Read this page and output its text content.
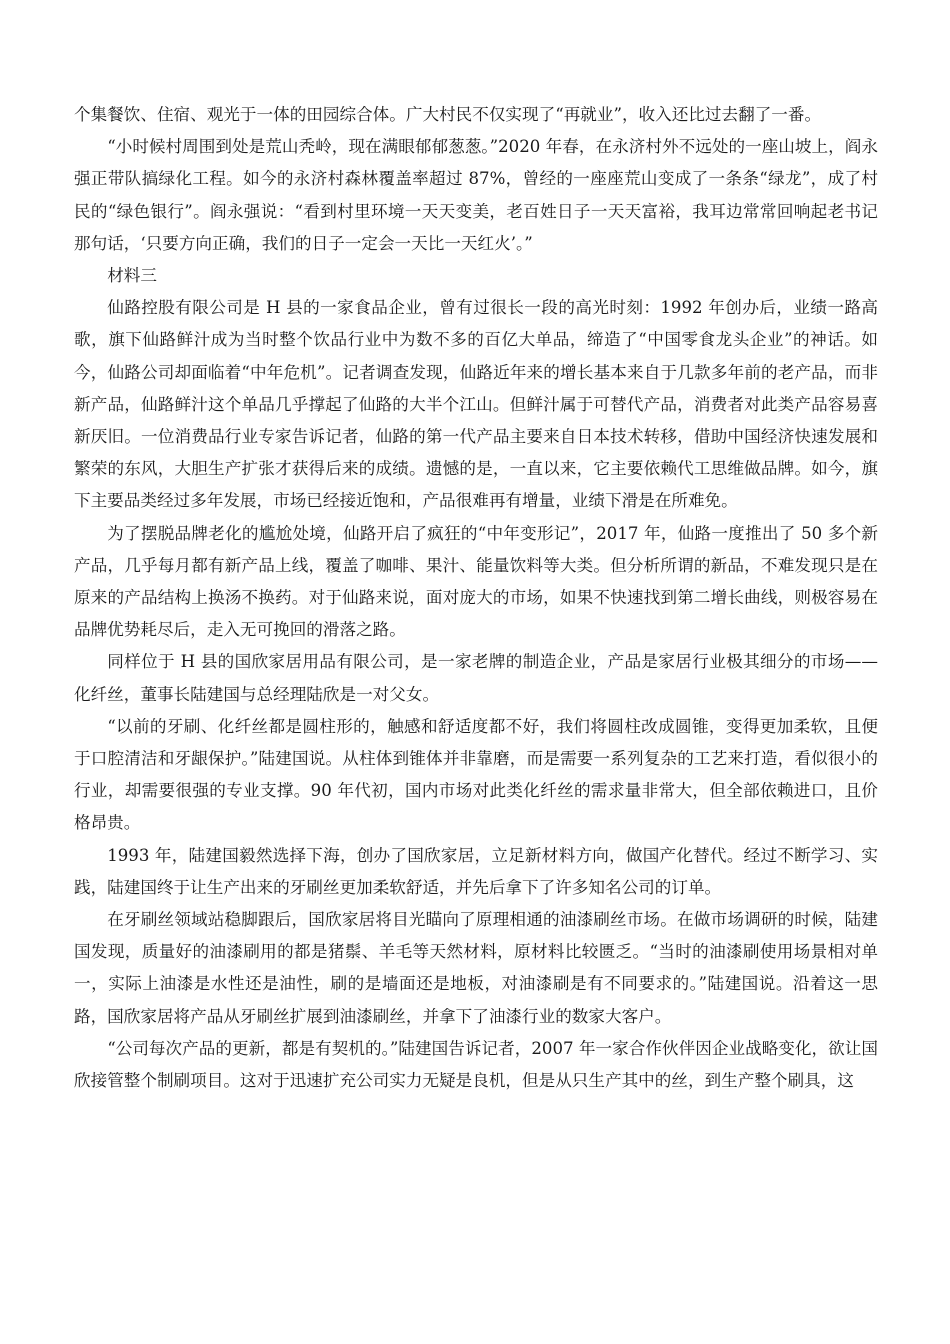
个集餐饮、住宿、观光于一体的田园综合体。广大村民不仅实现了“再就业”，收入还比过去翻了一番。

“小时候村周围到处是荒山秃岭，现在满眼郁郁葱葱。”2020 年春，在永济村外不远处的一座山坡上，阎永强正带队搞绿化工程。如今的永济村森林覆盖率超过 87%，曾经的一座座荒山变成了一条条“绿龙”，成了村民的“绿色银行”。阎永强说：“看到村里环境一天天变美，老百姓日子一天天富裕，我耳边常常回响起老书记那句话，‘只要方向正确，我们的日子一定会一天比一天红火’。”

材料三

仙路控股有限公司是 H 县的一家食品企业，曾有过很长一段的高光时刻：1992 年创办后，业绩一路高歌，旗下仙路鲜汁成为当时整个饮品行业中为数不多的百亿大单品，缔造了“中国零食龙头企业”的神话。如今，仙路公司却面临着“中年危机”。记者调查发现，仙路近年来的增长基本来自于几款多年前的老产品，而非新产品，仙路鲜汁这个单品几乎撑起了仙路的大半个江山。但鲜汁属于可替代产品，消费者对此类产品容易喜新厌旧。一位消费品行业专家告诉记者，仙路的第一代产品主要来自日本技术转移，借助中国经济快速发展和繁荣的东风，大胆生产扩张才获得后来的成绩。遗憾的是，一直以来，它主要依赖代工思维做品牌。如今，旗下主要品类经过多年发展，市场已经接近饱和，产品很难再有增量，业绩下滑是在所难免。

为了摆脱品牌老化的尴尬处境，仙路开启了疯狂的“中年变形记”，2017 年，仙路一度推出了 50 多个新产品，几乎每月都有新产品上线，覆盖了咖啡、果汁、能量饮料等大类。但分析所谓的新品，不难发现只是在原来的产品结构上换汤不换药。对于仙路来说，面对庞大的市场，如果不快速找到第二增长曲线，则极容易在品牌优势耗尽后，走入无可挽回的滑落之路。

同样位于 H 县的国欣家居用品有限公司，是一家老牌的制造企业，产品是家居行业极其细分的市场——化纤丝，董事长陆建国与总经理陆欣是一对父女。

“以前的牙刷、化纤丝都是圆柱形的，触感和舒适度都不好，我们将圆柱改成圆锥，变得更加柔软，且便于口腔清洁和牙龈保护。”陆建国说。从柱体到锥体并非靠磨，而是需要一系列复杂的工艺来打造，看似很小的行业，却需要很强的专业支撑。90 年代初，国内市场对此类化纤丝的需求量非常大，但全部依赖进口，且价格昂贵。

1993 年，陆建国毅然选择下海，创办了国欣家居，立足新材料方向，做国产化替代。经过不断学习、实践，陆建国终于让生产出来的牙刷丝更加柔软舒适，并先后拿下了许多知名公司的订单。

在牙刷丝领域站稳脚跟后，国欣家居将目光瞄向了原理相通的油漆刷丝市场。在做市场调研的时候，陆建国发现，质量好的油漆刷用的都是猪鬃、羊毛等天然材料，原材料比较匮乏。“当时的油漆刷使用场景相对单一，实际上油漆是水性还是油性，刷的是墙面还是地板，对油漆刷是有不同要求的。”陆建国说。沿着这一思路，国欣家居将产品从牙刷丝扩展到油漆刷丝，并拿下了油漆行业的数家大客户。

“公司每次产品的更新，都是有契机的。”陆建国告诉记者，2007 年一家合作伙伴因企业战略变化，欲让国欣接管整个制刷项目。这对于迅速扩充公司实力无疑是良机，但是从只生产其中的丝，到生产整个刷具，这
